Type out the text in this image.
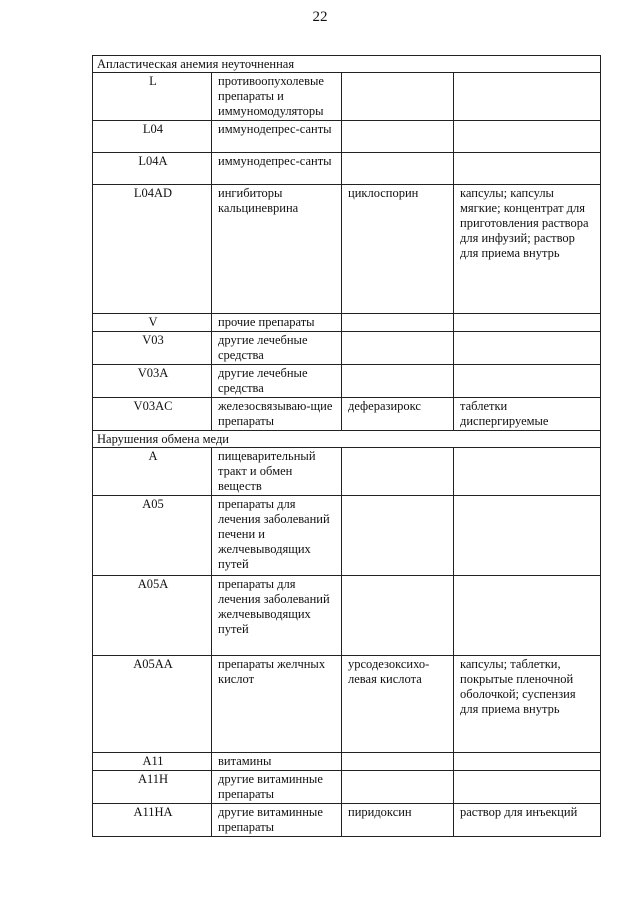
22
Апластическая анемия неуточненная			
L	противоопухолевые препараты и иммуномодуляторы		
L04	иммунодепрес-санты		
L04A	иммунодепрес-санты		
L04AD	ингибиторы кальциневрина	циклоспорин	капсулы; капсулы мягкие; концентрат для приготовления раствора для инфузий; раствор для приема внутрь
V	прочие препараты		
V03	другие лечебные средства		
V03A	другие лечебные средства		
V03AC	железосвязываю-щие препараты	деферазирокс	таблетки диспергируемые
Нарушения обмена меди			
A	пищеварительный тракт и обмен веществ		
A05	препараты для лечения заболеваний печени и желчевыводящих путей		
A05A	препараты для лечения заболеваний желчевыводящих путей		
A05AA	препараты желчных кислот	урсодезоксихо-левая кислота	капсулы; таблетки, покрытые пленочной оболочкой; суспензия для приема внутрь
A11	витамины		
A11H	другие витаминные препараты		
A11HA	другие витаминные препараты	пиридоксин	раствор для инъекций
